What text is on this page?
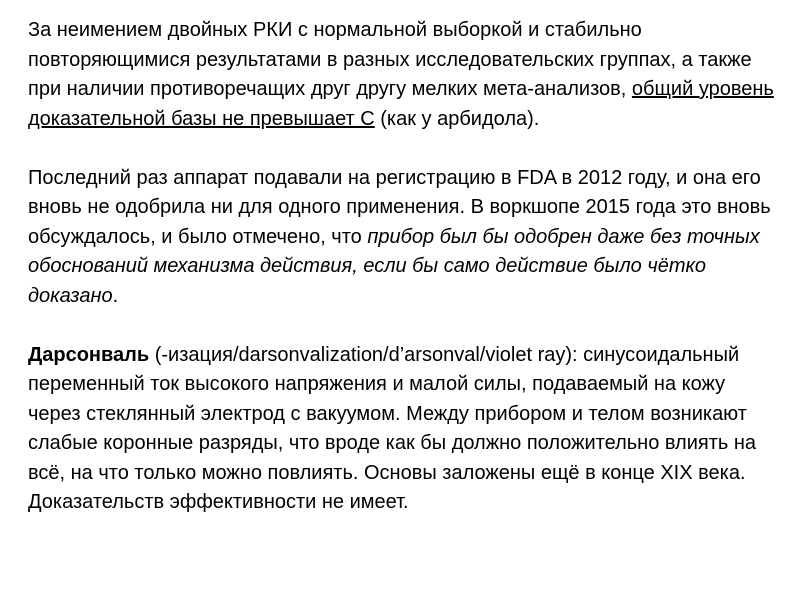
За неимением двойных РКИ с нормальной выборкой и стабильно повторяющимися результатами в разных исследовательских группах, а также при наличии противоречащих друг другу мелких мета-анализов, общий уровень доказательной базы не превышает С (как у арбидола).

Последний раз аппарат подавали на регистрацию в FDA в 2012 году, и она его вновь не одобрила ни для одного применения. В воркшопе 2015 года это вновь обсуждалось, и было отмечено, что прибор был бы одобрен даже без точных обоснований механизма действия, если бы само действие было чётко доказано.

Дарсонваль (-изация/darsonvalization/d’arsonval/violet ray): синусоидальный переменный ток высокого напряжения и малой силы, подаваемый на кожу через стеклянный электрод с вакуумом. Между прибором и телом возникают слабые коронные разряды, что вроде как бы должно положительно влиять на всё, на что только можно повлиять. Основы заложены ещё в конце XIX века. Доказательств эффективности не имеет.
